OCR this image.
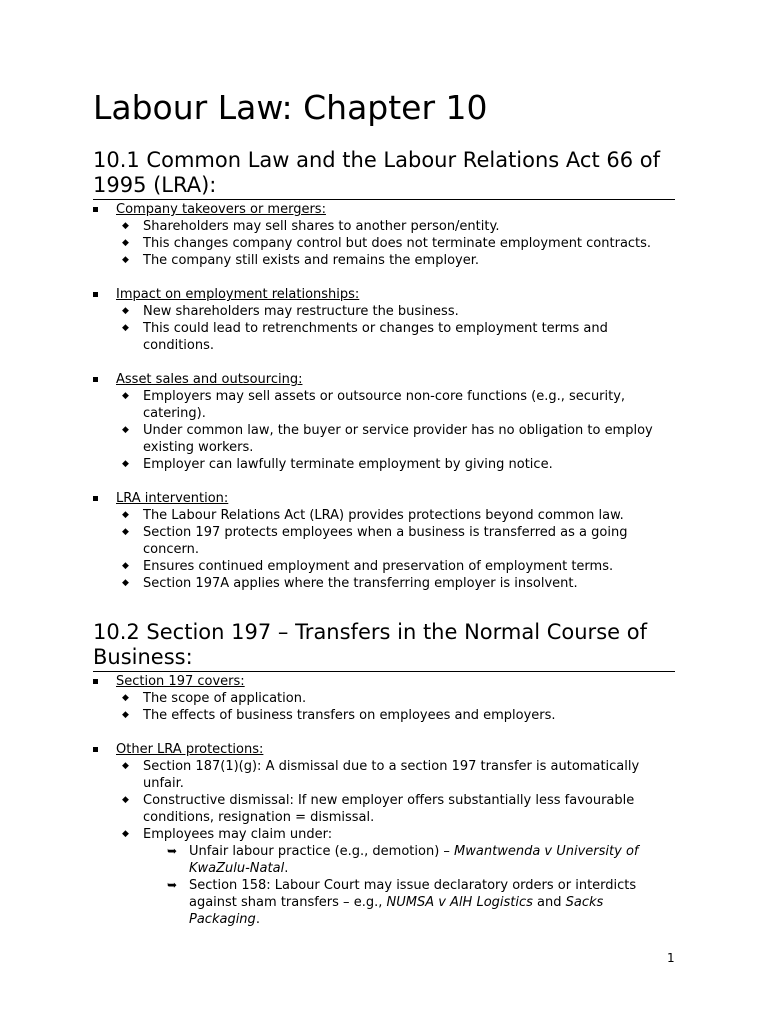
Labour Law: Chapter 10
10.1 Common Law and the Labour Relations Act 66 of 1995 (LRA):
Company takeovers or mergers:
◆ Shareholders may sell shares to another person/entity.
◆ This changes company control but does not terminate employment contracts.
◆ The company still exists and remains the employer.
Impact on employment relationships:
◆ New shareholders may restructure the business.
◆ This could lead to retrenchments or changes to employment terms and conditions.
Asset sales and outsourcing:
◆ Employers may sell assets or outsource non-core functions (e.g., security, catering).
◆ Under common law, the buyer or service provider has no obligation to employ existing workers.
◆ Employer can lawfully terminate employment by giving notice.
LRA intervention:
◆ The Labour Relations Act (LRA) provides protections beyond common law.
◆ Section 197 protects employees when a business is transferred as a going concern.
◆ Ensures continued employment and preservation of employment terms.
◆ Section 197A applies where the transferring employer is insolvent.
10.2 Section 197 – Transfers in the Normal Course of Business:
Section 197 covers:
◆ The scope of application.
◆ The effects of business transfers on employees and employers.
Other LRA protections:
◆ Section 187(1)(g): A dismissal due to a section 197 transfer is automatically unfair.
◆ Constructive dismissal: If new employer offers substantially less favourable conditions, resignation = dismissal.
◆ Employees may claim under:
➥ Unfair labour practice (e.g., demotion) – Mwantwenda v University of KwaZulu-Natal.
➥ Section 158: Labour Court may issue declaratory orders or interdicts against sham transfers – e.g., NUMSA v AlH Logistics and Sacks Packaging.
1
